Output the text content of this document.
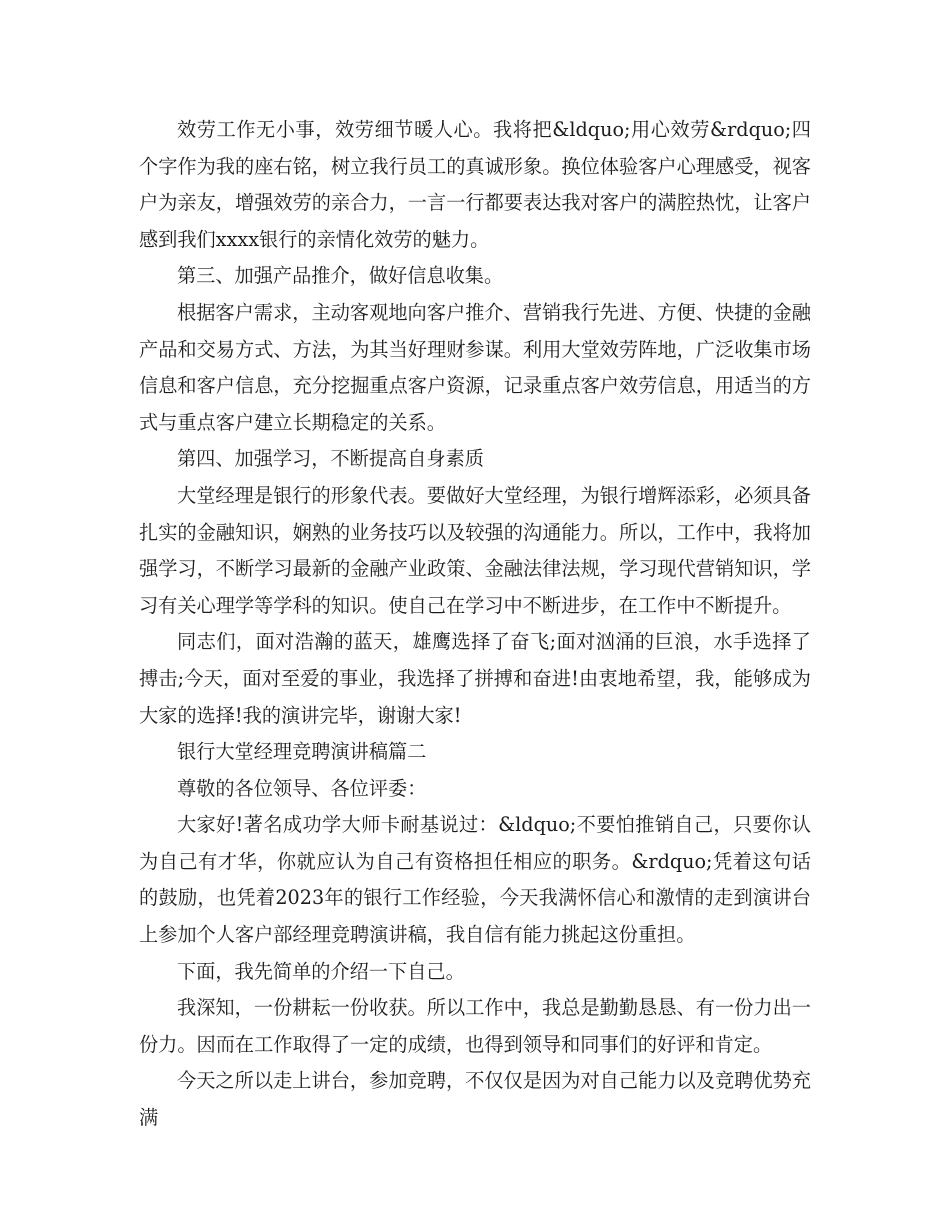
效劳工作无小事，效劳细节暖人心。我将把&ldquo;用心效劳&rdquo;四个字作为我的座右铭，树立我行员工的真诚形象。换位体验客户心理感受，视客户为亲友，增强效劳的亲合力，一言一行都要表达我对客户的满腔热忱，让客户感到我们xxxx银行的亲情化效劳的魅力。

第三、加强产品推介，做好信息收集。

根据客户需求，主动客观地向客户推介、营销我行先进、方便、快捷的金融产品和交易方式、方法，为其当好理财参谋。利用大堂效劳阵地，广泛收集市场信息和客户信息，充分挖掘重点客户资源，记录重点客户效劳信息，用适当的方式与重点客户建立长期稳定的关系。

第四、加强学习，不断提高自身素质

大堂经理是银行的形象代表。要做好大堂经理，为银行增辉添彩，必须具备扎实的金融知识，娴熟的业务技巧以及较强的沟通能力。所以，工作中，我将加强学习，不断学习最新的金融产业政策、金融法律法规，学习现代营销知识，学习有关心理学等学科的知识。使自己在学习中不断进步，在工作中不断提升。

同志们，面对浩瀚的蓝天，雄鹰选择了奋飞;面对汹涌的巨浪，水手选择了搏击;今天，面对至爱的事业，我选择了拼搏和奋进!由衷地希望，我，能够成为大家的选择!我的演讲完毕，谢谢大家!

银行大堂经理竞聘演讲稿篇二

尊敬的各位领导、各位评委：

大家好!著名成功学大师卡耐基说过：&ldquo;不要怕推销自己，只要你认为自己有才华，你就应认为自己有资格担任相应的职务。&rdquo;凭着这句话的鼓励，也凭着2023年的银行工作经验，今天我满怀信心和激情的走到演讲台上参加个人客户部经理竞聘演讲稿，我自信有能力挑起这份重担。

下面，我先简单的介绍一下自己。

我深知，一份耕耘一份收获。所以工作中，我总是勤勤恳恳、有一份力出一份力。因而在工作取得了一定的成绩，也得到领导和同事们的好评和肯定。

今天之所以走上讲台，参加竞聘，不仅仅是因为对自己能力以及竞聘优势充满
